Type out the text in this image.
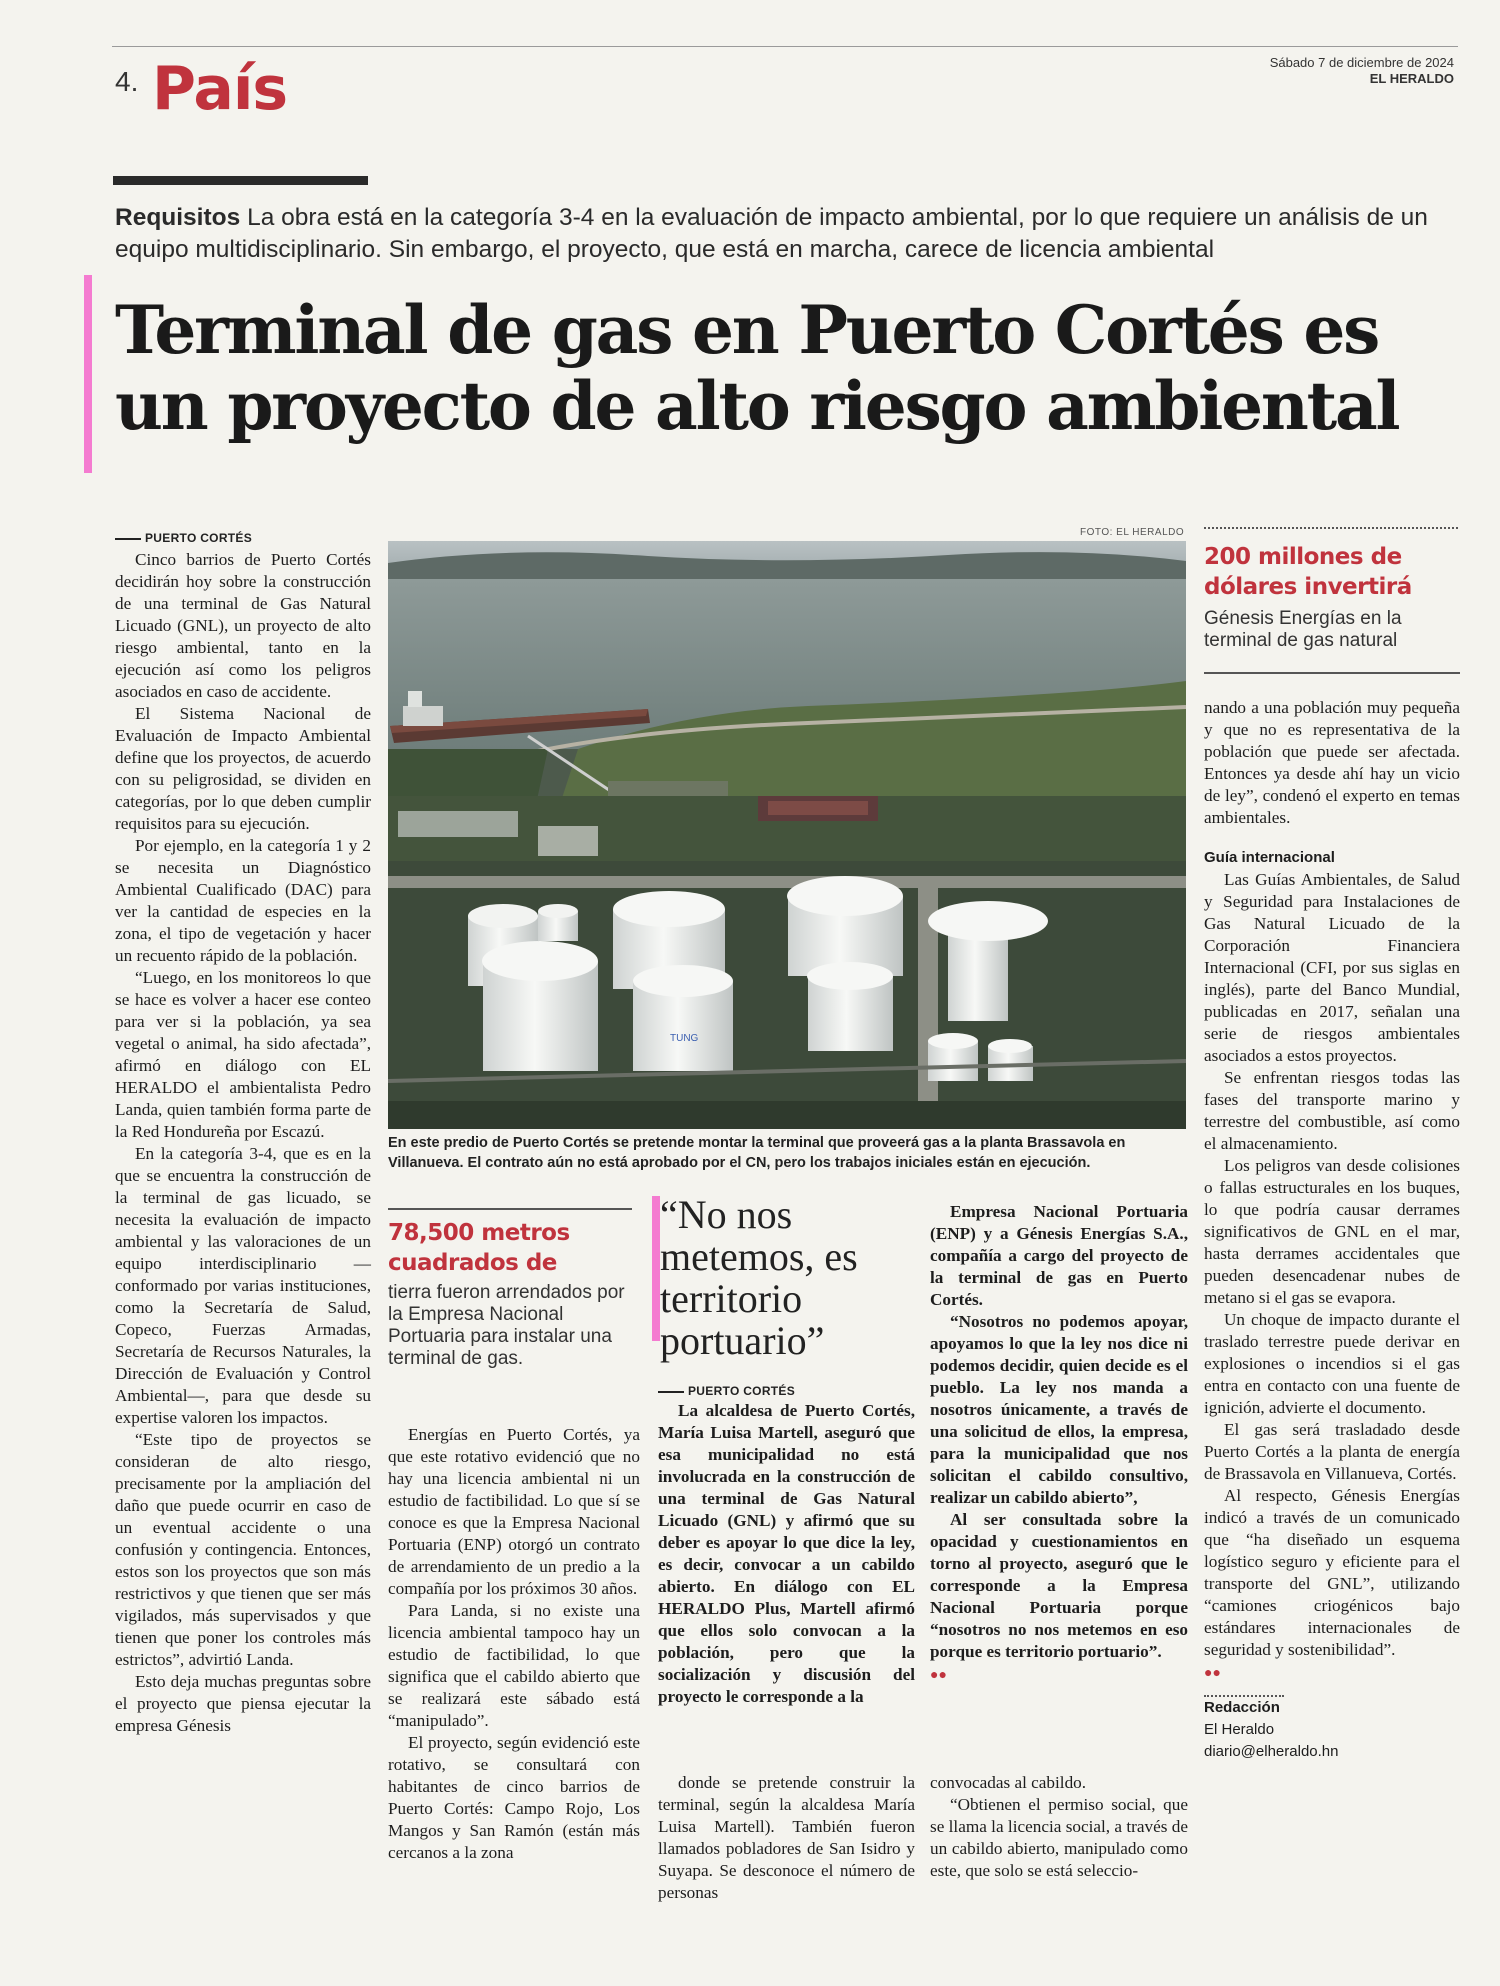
4. País	Sábado 7 de diciembre de 2024
EL HERALDO
Requisitos La obra está en la categoría 3-4 en la evaluación de impacto ambiental, por lo que requiere un análisis de un equipo multidisciplinario. Sin embargo, el proyecto, que está en marcha, carece de licencia ambiental
Terminal de gas en Puerto Cortés es un proyecto de alto riesgo ambiental
PUERTO CORTÉS

Cinco barrios de Puerto Cortés decidirán hoy sobre la construcción de una terminal de Gas Natural Licuado (GNL), un proyecto de alto riesgo ambiental, tanto en la ejecución así como los peligros asociados en caso de accidente.

El Sistema Nacional de Evaluación de Impacto Ambiental define que los proyectos, de acuerdo con su peligrosidad, se dividen en categorías, por lo que deben cumplir requisitos para su ejecución.

Por ejemplo, en la categoría 1 y 2 se necesita un Diagnóstico Ambiental Cualificado (DAC) para ver la cantidad de especies en la zona, el tipo de vegetación y hacer un recuento rápido de la población.

“Luego, en los monitoreos lo que se hace es volver a hacer ese conteo para ver si la población, ya sea vegetal o animal, ha sido afectada”, afirmó en diálogo con EL HERALDO el ambientalista Pedro Landa, quien también forma parte de la Red Hondureña por Escazú.

En la categoría 3-4, que es en la que se encuentra la construcción de la terminal de gas licuado, se necesita la evaluación de impacto ambiental y las valoraciones de un equipo interdisciplinario —conformado por varias instituciones, como la Secretaría de Salud, Copeco, Fuerzas Armadas, Secretaría de Recursos Naturales, la Dirección de Evaluación y Control Ambiental—, para que desde su expertise valoren los impactos.

“Este tipo de proyectos se consideran de alto riesgo, precisamente por la ampliación del daño que puede ocurrir en caso de un eventual accidente o una confusión y contingencia. Entonces, estos son los proyectos que son más restrictivos y que tienen que ser más vigilados, más supervisados y que tienen que poner los controles más estrictos”, advirtió Landa.

Esto deja muchas preguntas sobre el proyecto que piensa ejecutar la empresa Génesis

FOTO: EL HERALDO
TUNG
En este predio de Puerto Cortés se pretende montar la terminal que proveerá gas a la planta Brassavola en Villanueva. El contrato aún no está aprobado por el CN, pero los trabajos iniciales están en ejecución.
78,500 metros cuadrados de
tierra fueron arrendados por la Empresa Nacional Portuaria para instalar una terminal de gas.

Energías en Puerto Cortés, ya que este rotativo evidenció que no hay una licencia ambiental ni un estudio de factibilidad. Lo que sí se conoce es que la Empresa Nacional Portuaria (ENP) otorgó un contrato de arrendamiento de un predio a la compañía por los próximos 30 años.

Para Landa, si no existe una licencia ambiental tampoco hay un estudio de factibilidad, lo que significa que el cabildo abierto que se realizará este sábado está “manipulado”.

El proyecto, según evidenció este rotativo, se consultará con habitantes de cinco barrios de Puerto Cortés: Campo Rojo, Los Mangos y San Ramón (están más cercanos a la zona

“No nos metemos, es territorio portuario”
PUERTO CORTÉS

La alcaldesa de Puerto Cortés, María Luisa Martell, aseguró que esa municipalidad no está involucrada en la construcción de una terminal de Gas Natural Licuado (GNL) y afirmó que su deber es apoyar lo que dice la ley, es decir, convocar a un cabildo abierto. En diálogo con EL HERALDO Plus, Martell afirmó que ellos solo convocan a la población, pero que la socialización y discusión del proyecto le corresponde a la

donde se pretende construir la terminal, según la alcaldesa María Luisa Martell). También fueron llamados pobladores de San Isidro y Suyapa. Se desconoce el número de personas

Empresa Nacional Portuaria (ENP) y a Génesis Energías S.A., compañía a cargo del proyecto de la terminal de gas en Puerto Cortés.

“Nosotros no podemos apoyar, apoyamos lo que la ley nos dice ni podemos decidir, quien decide es el pueblo. La ley nos manda a nosotros únicamente, a través de una solicitud de ellos, la empresa, para la municipalidad que nos solicitan el cabildo consultivo, realizar un cabildo abierto”,

Al ser consultada sobre la opacidad y cuestionamientos en torno al proyecto, aseguró que le corresponde a la Empresa Nacional Portuaria porque “nosotros no nos metemos en eso porque es territorio portuario”.

●●

convocadas al cabildo.

“Obtienen el permiso social, que se llama la licencia social, a través de un cabildo abierto, manipulado como este, que solo se está seleccio-

200 millones de dólares invertirá
Génesis Energías en la terminal de gas natural

nando a una población muy pequeña y que no es representativa de la población que puede ser afectada. Entonces ya desde ahí hay un vicio de ley”, condenó el experto en temas ambientales.

Guía internacional

Las Guías Ambientales, de Salud y Seguridad para Instalaciones de Gas Natural Licuado de la Corporación Financiera Internacional (CFI, por sus siglas en inglés), parte del Banco Mundial, publicadas en 2017, señalan una serie de riesgos ambientales asociados a estos proyectos.

Se enfrentan riesgos todas las fases del transporte marino y terrestre del combustible, así como el almacenamiento.

Los peligros van desde colisiones o fallas estructurales en los buques, lo que podría causar derrames significativos de GNL en el mar, hasta derrames accidentales que pueden desencadenar nubes de metano si el gas se evapora.

Un choque de impacto durante el traslado terrestre puede derivar en explosiones o incendios si el gas entra en contacto con una fuente de ignición, advierte el documento.

El gas será trasladado desde Puerto Cortés a la planta de energía de Brassavola en Villanueva, Cortés.

Al respecto, Génesis Energías indicó a través de un comunicado que “ha diseñado un esquema logístico seguro y eficiente para el transporte del GNL”, utilizando “camiones criogénicos bajo estándares internacionales de seguridad y sostenibilidad”.

●●
Redacción
El Heraldo
diario@elheraldo.hn
